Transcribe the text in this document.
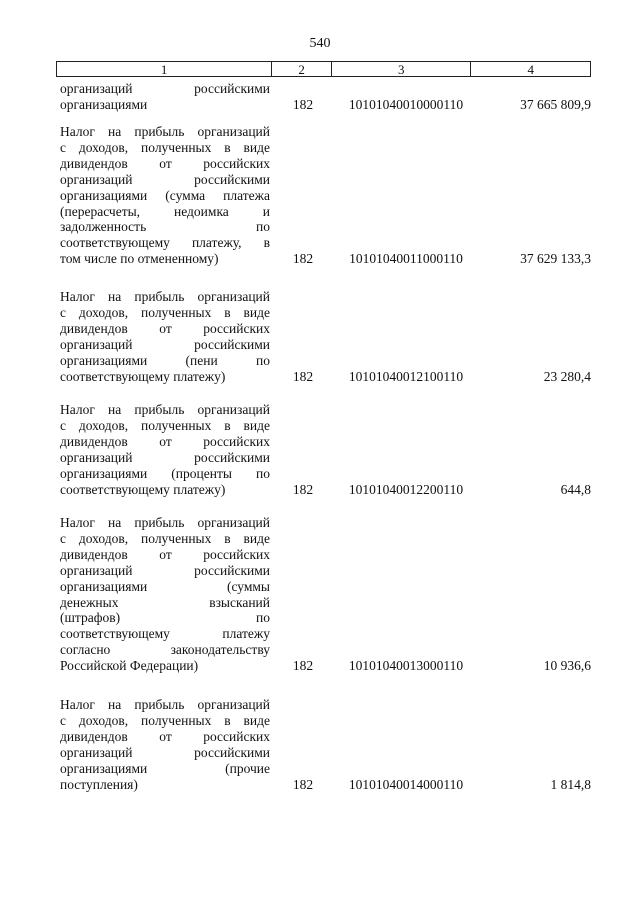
540
1	2	3	4
организаций российскими
организациями	182	10101040010000110	37 665 809,9
Налог на прибыль организаций
с доходов, полученных в виде
дивидендов от российских
организаций российскими
организациями (сумма платежа
(перерасчеты, недоимка и
задолженность по
соответствующему платежу, в
том числе по отмененному)	182	10101040011000110	37 629 133,3
Налог на прибыль организаций
с доходов, полученных в виде
дивидендов от российских
организаций российскими
организациями (пени по
соответствующему платежу)	182	10101040012100110	23 280,4
Налог на прибыль организаций
с доходов, полученных в виде
дивидендов от российских
организаций российскими
организациями (проценты по
соответствующему платежу)	182	10101040012200110	644,8
Налог на прибыль организаций
с доходов, полученных в виде
дивидендов от российских
организаций российскими
организациями (суммы
денежных взысканий
(штрафов) по
соответствующему платежу
согласно законодательству
Российской Федерации)	182	10101040013000110	10 936,6
Налог на прибыль организаций
с доходов, полученных в виде
дивидендов от российских
организаций российскими
организациями (прочие
поступления)	182	10101040014000110	1 814,8
